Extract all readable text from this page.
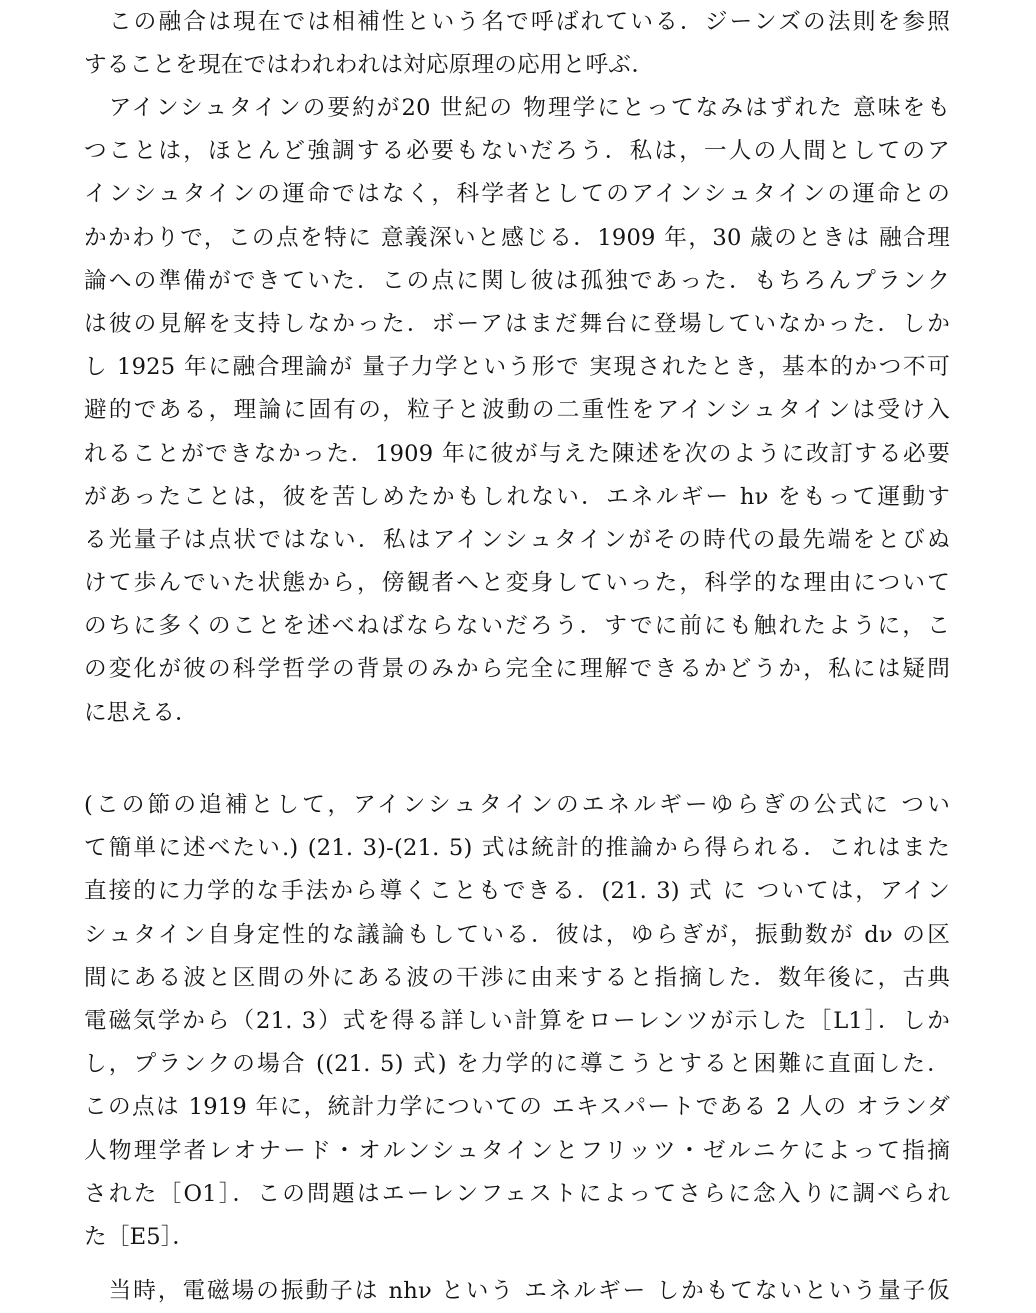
　この融合は現在では相補性という名で呼ばれている．ジーンズの法則を参照
することを現在ではわれわれは対応原理の応用と呼ぶ．
　アインシュタインの要約が20 世紀の 物理学にとってなみはずれた 意味をも
つことは，ほとんど強調する必要もないだろう．私は，一人の人間としてのア
インシュタインの運命ではなく，科学者としてのアインシュタインの運命との
かかわりで，この点を特に 意義深いと感じる．1909 年，30 歳のときは 融合理
論への準備ができていた．この点に関し彼は孤独であった．もちろんプランク
は彼の見解を支持しなかった．ボーアはまだ舞台に登場していなかった．しか
し 1925 年に融合理論が 量子力学という形で 実現されたとき，基本的かつ不可
避的である，理論に固有の，粒子と波動の二重性をアインシュタインは受け入
れることができなかった．1909 年に彼が与えた陳述を次のように改訂する必要
があったことは，彼を苦しめたかもしれない．エネルギー hν をもって運動す
る光量子は点状ではない．私はアインシュタインがその時代の最先端をとびぬ
けて歩んでいた状態から，傍観者へと変身していった，科学的な理由について
のちに多くのことを述べねばならないだろう．すでに前にも触れたように，こ
の変化が彼の科学哲学の背景のみから完全に理解できるかどうか，私には疑問
に思える．
(この節の追補として，アインシュタインのエネルギーゆらぎの公式に つい
て簡単に述べたい.) (21. 3)-(21. 5) 式は統計的推論から得られる．これはまた
直接的に力学的な手法から導くこともできる．(21. 3) 式 に ついては，アイン
シュタイン自身定性的な議論もしている．彼は，ゆらぎが，振動数が dν の区
間にある波と区間の外にある波の干渉に由来すると指摘した．数年後に，古典
電磁気学から（21. 3）式を得る詳しい計算をローレンツが示した［L1］．しか
し，プランクの場合 ((21. 5) 式) を力学的に導こうとすると困難に直面した．
この点は 1919 年に，統計力学についての エキスパートである 2 人の オランダ
人物理学者レオナード・オルンシュタインとフリッツ・ゼルニケによって指摘
された［O1］．この問題はエーレンフェストによってさらに念入りに調べられ
た［E5］．
　当時，電磁場の振動子は nhν という エネルギー しかもてないという量子仮
